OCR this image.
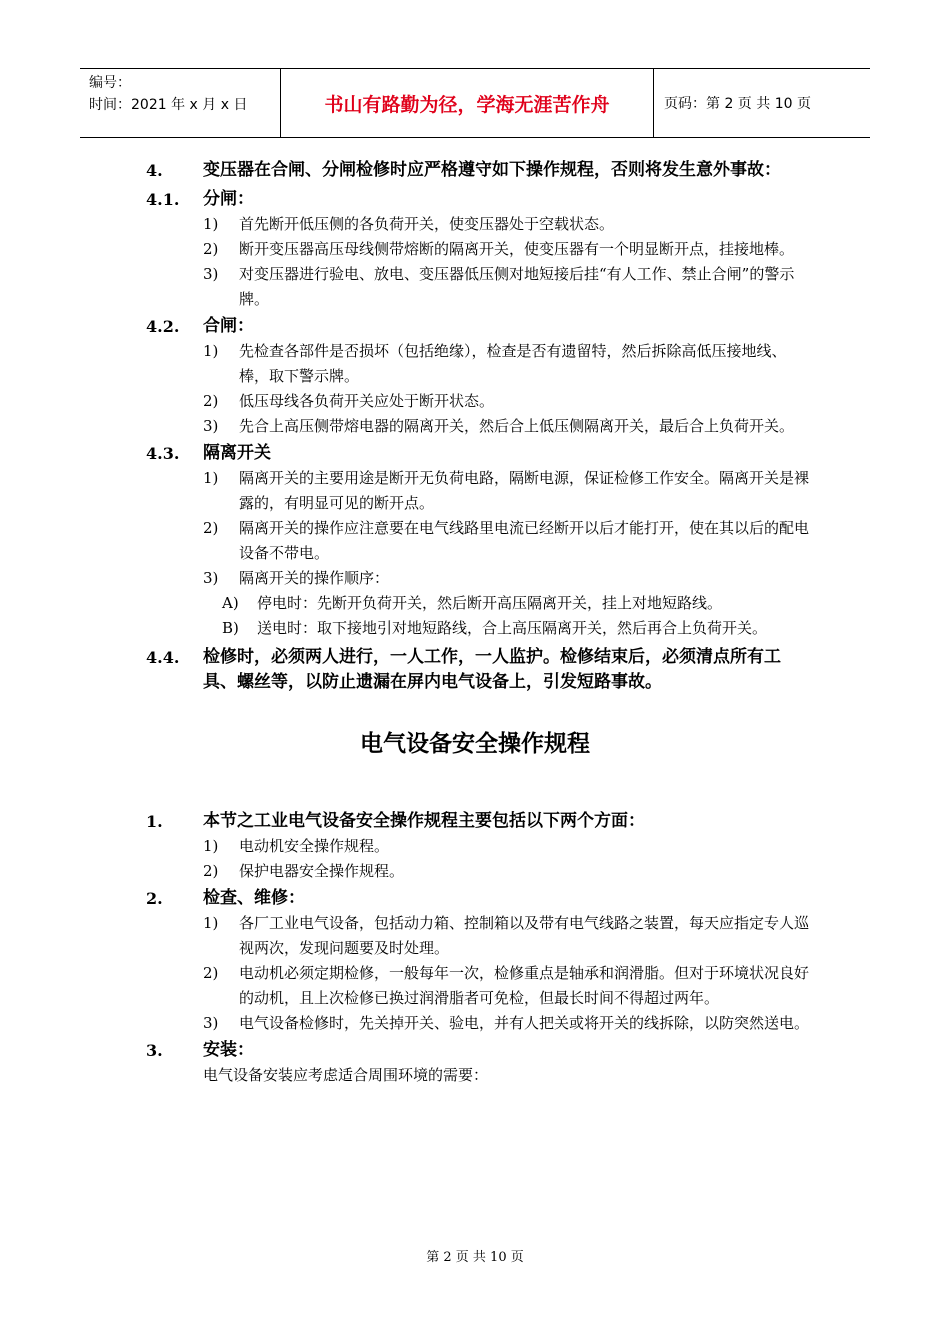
编号：
时间：2021 年 x 月 x 日	书山有路勤为径，学海无涯苦作舟	页码：第 2 页 共 10 页
4. 变压器在合闸、分闸检修时应严格遵守如下操作规程，否则将发生意外事故：
4.1. 分闸：
1) 首先断开低压侧的各负荷开关，使变压器处于空载状态。
2) 断开变压器高压母线侧带熔断的隔离开关，使变压器有一个明显断开点，挂接地棒。
3) 对变压器进行验电、放电、变压器低压侧对地短接后挂“有人工作、禁止合闸”的警示牌。
4.2. 合闸：
1) 先检查各部件是否损坏（包括绝缘），检查是否有遗留特，然后拆除高低压接地线、棒，取下警示牌。
2) 低压母线各负荷开关应处于断开状态。
3) 先合上高压侧带熔电器的隔离开关，然后合上低压侧隔离开关，最后合上负荷开关。
4.3. 隔离开关
1) 隔离开关的主要用途是断开无负荷电路，隔断电源，保证检修工作安全。隔离开关是裸露的，有明显可见的断开点。
2) 隔离开关的操作应注意要在电气线路里电流已经断开以后才能打开，使在其以后的配电设备不带电。
3) 隔离开关的操作顺序：
A) 停电时：先断开负荷开关，然后断开高压隔离开关，挂上对地短路线。
B) 送电时：取下接地引对地短路线，合上高压隔离开关，然后再合上负荷开关。
4.4. 检修时，必须两人进行，一人工作，一人监护。检修结束后，必须清点所有工具、螺丝等，以防止遗漏在屏内电气设备上，引发短路事故。
电气设备安全操作规程
1. 本节之工业电气设备安全操作规程主要包括以下两个方面：
1) 电动机安全操作规程。
2) 保护电器安全操作规程。
2. 检查、维修：
1) 各厂工业电气设备，包括动力箱、控制箱以及带有电气线路之装置，每天应指定专人巡视两次，发现问题要及时处理。
2) 电动机必须定期检修，一般每年一次，检修重点是轴承和润滑脂。但对于环境状况良好的动机，且上次检修已换过润滑脂者可免检，但最长时间不得超过两年。
3) 电气设备检修时，先关掉开关、验电，并有人把关或将开关的线拆除，以防突然送电。
3. 安装：
电气设备安装应考虑适合周围环境的需要：
第 2 页 共 10 页
